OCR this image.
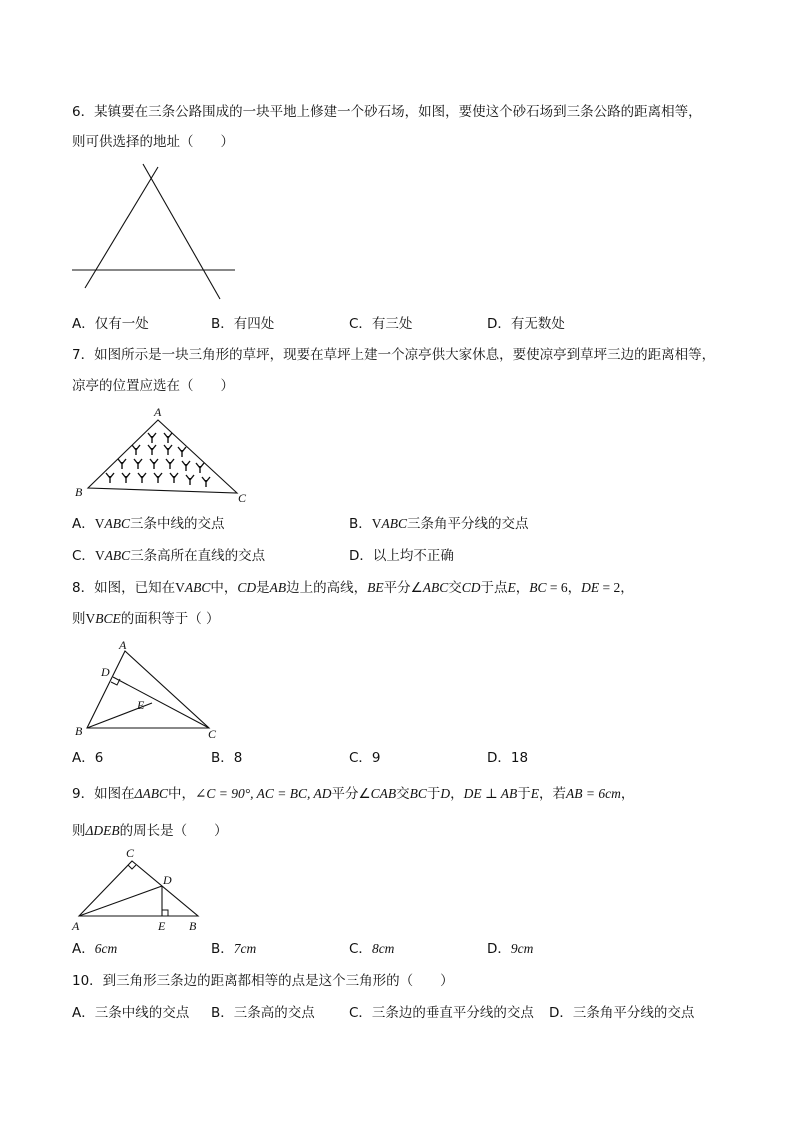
6．某镇要在三条公路围成的一块平地上修建一个砂石场，如图，要使这个砂石场到三条公路的距离相等，
则可供选择的地址（　　）
A．仅有一处	B．有四处	C．有三处	D．有无数处
7．如图所示是一块三角形的草坪，现要在草坪上建一个凉亭供大家休息，要使凉亭到草坪三边的距离相等，
凉亭的位置应选在（　　）
A
B	C
A．VABC三条中线的交点	B．VABC三条角平分线的交点
C．VABC三条高所在直线的交点	D．以上均不正确
8．如图，已知在VABC中，CD是AB边上的高线，BE平分∠ABC交CD于点E，BC = 6，DE = 2，
则VBCE的面积等于（ ）
A
D
E
B	C
A．6	B．8	C．9	D．18
9．如图在ΔABC中，∠C = 90°, AC = BC, AD平分∠CAB交BC于D，DE ⊥ AB于E，若AB = 6cm，
则ΔDEB的周长是（　　）
C
D
A	E B
A．6cm	B．7cm	C．8cm	D．9cm
10．到三角形三条边的距离都相等的点是这个三角形的（　　）
A．三条中线的交点 B．三条高的交点	C．三条边的垂直平分线的交点 D．三条角平分线的交点
